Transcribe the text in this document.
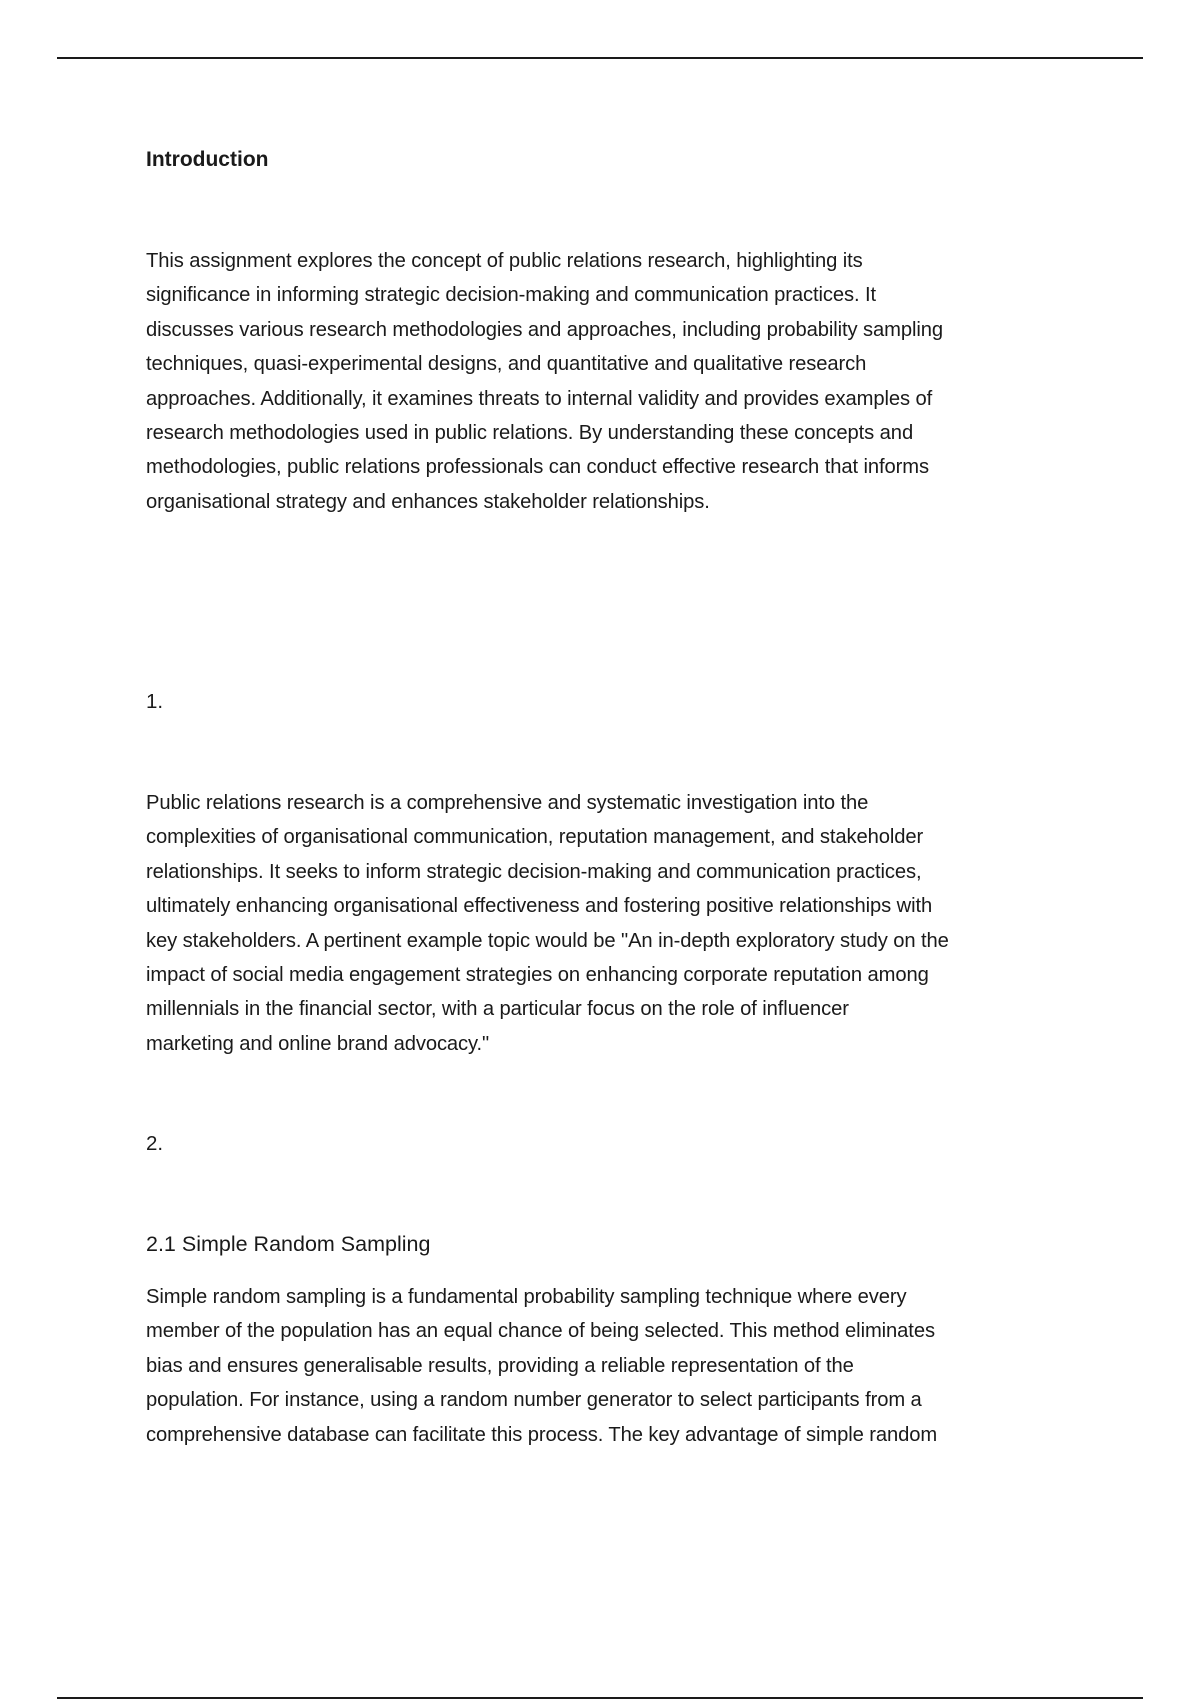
Introduction

This assignment explores the concept of public relations research, highlighting its
significance in informing strategic decision-making and communication practices. It
discusses various research methodologies and approaches, including probability sampling
techniques, quasi-experimental designs, and quantitative and qualitative research
approaches. Additionally, it examines threats to internal validity and provides examples of
research methodologies used in public relations. By understanding these concepts and
methodologies, public relations professionals can conduct effective research that informs
organisational strategy and enhances stakeholder relationships.

1.

Public relations research is a comprehensive and systematic investigation into the
complexities of organisational communication, reputation management, and stakeholder
relationships. It seeks to inform strategic decision-making and communication practices,
ultimately enhancing organisational effectiveness and fostering positive relationships with
key stakeholders. A pertinent example topic would be "An in-depth exploratory study on the
impact of social media engagement strategies on enhancing corporate reputation among
millennials in the financial sector, with a particular focus on the role of influencer
marketing and online brand advocacy."

2.
2.1 Simple Random Sampling

Simple random sampling is a fundamental probability sampling technique where every
member of the population has an equal chance of being selected. This method eliminates
bias and ensures generalisable results, providing a reliable representation of the
population. For instance, using a random number generator to select participants from a
comprehensive database can facilitate this process. The key advantage of simple random
